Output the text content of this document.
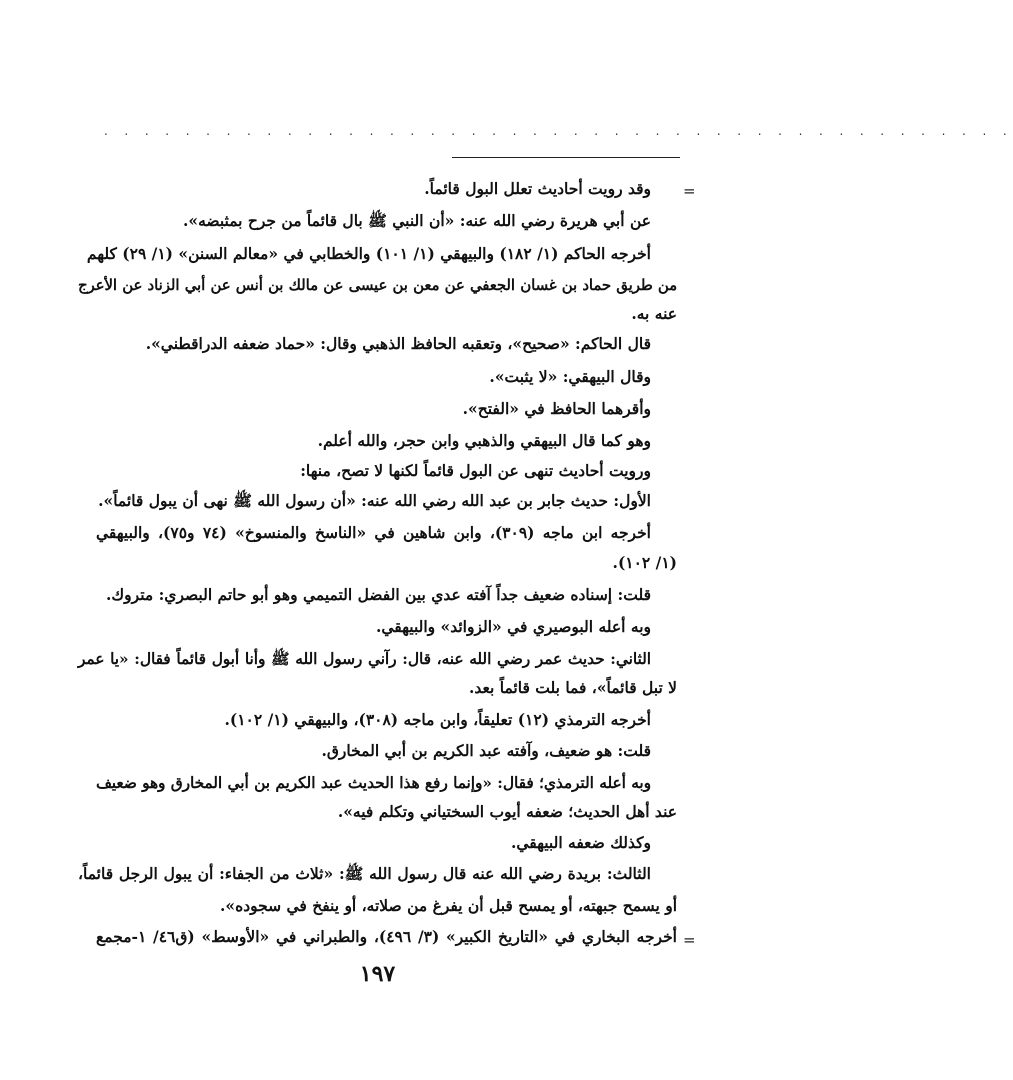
. . . . . . . . . . . . . . . . . . . . . . . . . . . . . . . . . . . . . . . . . . . . .
=
=
وقد رويت أحاديث تعلل البول قائماً.
عن أبي هريرة رضي الله عنه: «أن النبي ﷺ بال قائماً من جرح بمثبضه».
أخرجه الحاكم (١/ ١٨٢) والبيهقي (١/ ١٠١) والخطابي في «معالم السنن» (١/ ٢٩) كلهم
من طريق حماد بن غسان الجعفي عن معن بن عيسى عن مالك بن أنس عن أبي الزناد عن الأعرج
عنه به.
قال الحاكم: «صحيح»، وتعقبه الحافظ الذهبي وقال: «حماد ضعفه الدراقطني».
وقال البيهقي: «لا يثبت».
وأقرهما الحافظ في «الفتح».
وهو كما قال البيهقي والذهبي وابن حجر، والله أعلم.
ورويت أحاديث تنهى عن البول قائماً لكنها لا تصح، منها:
الأول: حديث جابر بن عبد الله رضي الله عنه: «أن رسول الله ﷺ نهى أن يبول قائماً».
أخرجه ابن ماجه (٣٠٩)، وابن شاهين في «الناسخ والمنسوخ» (٧٤ و٧٥)، والبيهقي
(١/ ١٠٢).
قلت: إسناده ضعيف جداً آفته عدي بين الفضل التميمي وهو أبو حاتم البصري: متروك.
وبه أعله البوصيري في «الزوائد» والبيهقي.
الثاني: حديث عمر رضي الله عنه، قال: رآني رسول الله ﷺ وأنا أبول قائماً فقال: «يا عمر
لا تبل قائماً»، فما بلت قائماً بعد.
أخرجه الترمذي (١٢) تعليقاً، وابن ماجه (٣٠٨)، والبيهقي (١/ ١٠٢).
قلت: هو ضعيف، وآفته عبد الكريم بن أبي المخارق.
وبه أعله الترمذي؛ فقال: «وإنما رفع هذا الحديث عبد الكريم بن أبي المخارق وهو ضعيف
عند أهل الحديث؛ ضعفه أيوب السختياني وتكلم فيه».
وكذلك ضعفه البيهقي.
الثالث: بريدة رضي الله عنه قال رسول الله ﷺ: «ثلاث من الجفاء: أن يبول الرجل قائماً،
أو يسمح جبهته، أو يمسح قبل أن يفرغ من صلاته، أو ينفخ في سجوده».
أخرجه البخاري في «التاريخ الكبير» (٣/ ٤٩٦)، والطبراني في «الأوسط» (ق٤٦/ ١-مجمع
١٩٧
